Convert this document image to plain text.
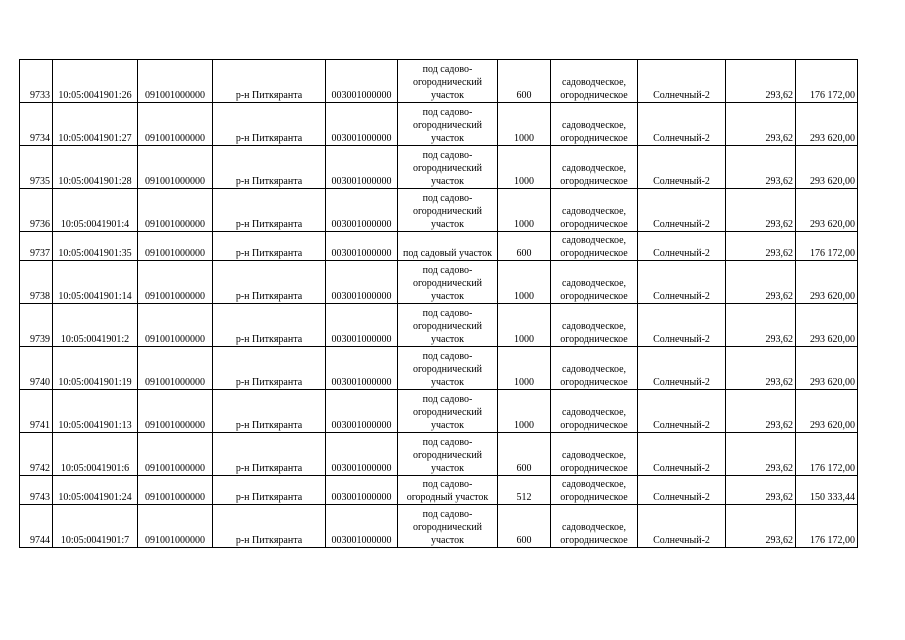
9733	10:05:0041901:26	091001000000	р-н Питкяранта	003001000000	под садово-
огороднический
участок	600	садоводческое,
огородническое	Солнечный-2	293,62	176 172,00
9734	10:05:0041901:27	091001000000	р-н Питкяранта	003001000000	под садово-
огороднический
участок	1000	садоводческое,
огородническое	Солнечный-2	293,62	293 620,00
9735	10:05:0041901:28	091001000000	р-н Питкяранта	003001000000	под садово-
огороднический
участок	1000	садоводческое,
огородническое	Солнечный-2	293,62	293 620,00
9736	10:05:0041901:4	091001000000	р-н Питкяранта	003001000000	под садово-
огороднический
участок	1000	садоводческое,
огородническое	Солнечный-2	293,62	293 620,00
9737	10:05:0041901:35	091001000000	р-н Питкяранта	003001000000	под садовый участок	600	садоводческое,
огородническое	Солнечный-2	293,62	176 172,00
9738	10:05:0041901:14	091001000000	р-н Питкяранта	003001000000	под садово-
огороднический
участок	1000	садоводческое,
огородническое	Солнечный-2	293,62	293 620,00
9739	10:05:0041901:2	091001000000	р-н Питкяранта	003001000000	под садово-
огороднический
участок	1000	садоводческое,
огородническое	Солнечный-2	293,62	293 620,00
9740	10:05:0041901:19	091001000000	р-н Питкяранта	003001000000	под садово-
огороднический
участок	1000	садоводческое,
огородническое	Солнечный-2	293,62	293 620,00
9741	10:05:0041901:13	091001000000	р-н Питкяранта	003001000000	под садово-
огороднический
участок	1000	садоводческое,
огородническое	Солнечный-2	293,62	293 620,00
9742	10:05:0041901:6	091001000000	р-н Питкяранта	003001000000	под садово-
огороднический
участок	600	садоводческое,
огородническое	Солнечный-2	293,62	176 172,00
9743	10:05:0041901:24	091001000000	р-н Питкяранта	003001000000	под садово-
огородный участок	512	садоводческое,
огородническое	Солнечный-2	293,62	150 333,44
9744	10:05:0041901:7	091001000000	р-н Питкяранта	003001000000	под садово-
огороднический
участок	600	садоводческое,
огородническое	Солнечный-2	293,62	176 172,00
